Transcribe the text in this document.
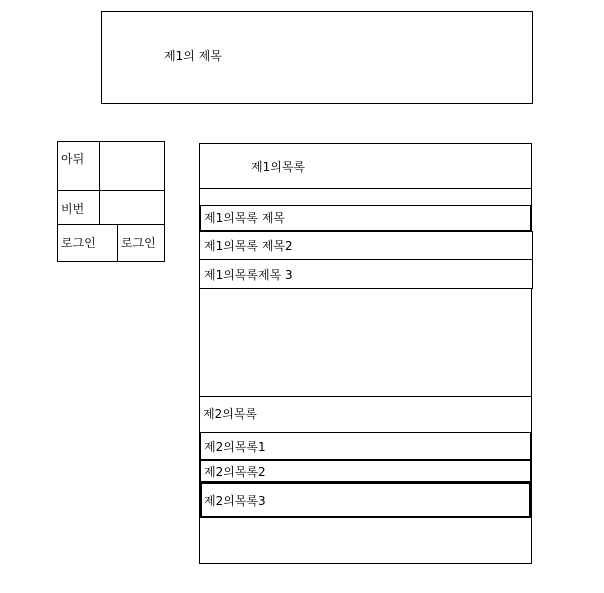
제1의 제목
아뒤
비번
로그인 로그인
제1의목록
제1의목록 제목
제1의목록 제목2
제1의목록제목 3
제2의목록
제2의목록1
제2의목록2
제2의목록3
